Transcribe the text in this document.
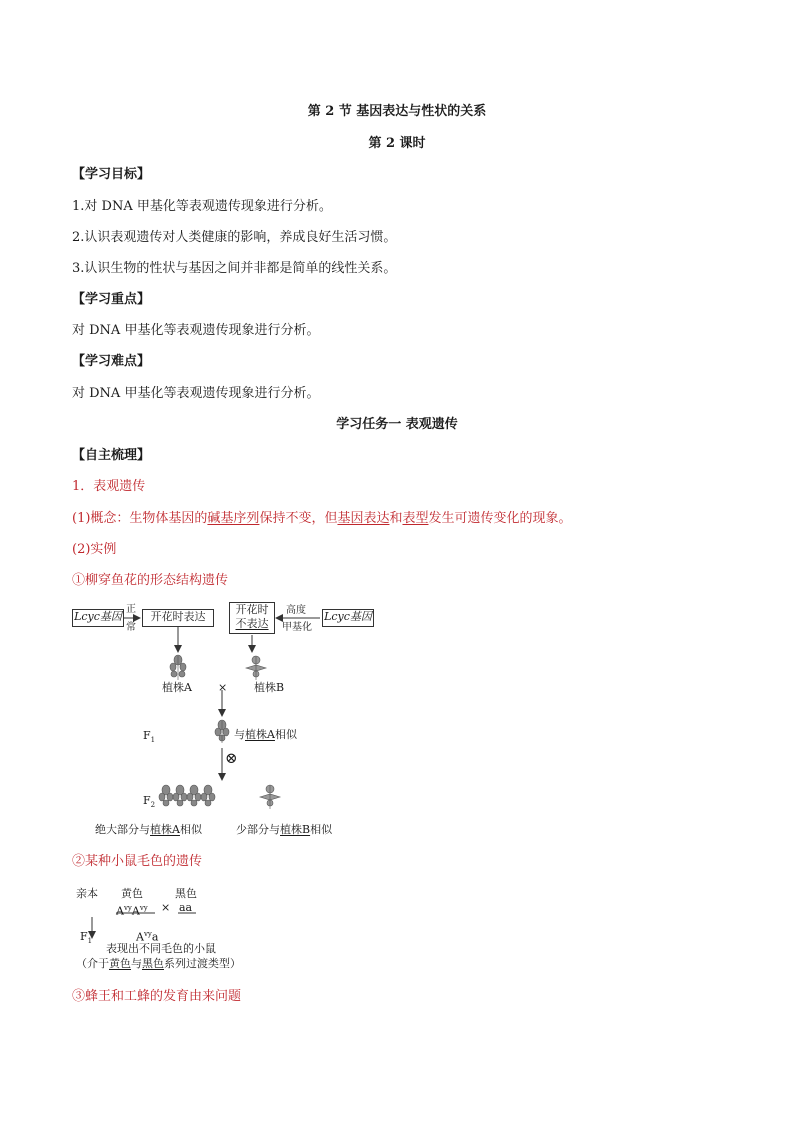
第 2 节 基因表达与性状的关系
第 2 课时
【学习目标】
1.对 DNA 甲基化等表观遗传现象进行分析。
2.认识表观遗传对人类健康的影响，养成良好生活习惯。
3.认识生物的性状与基因之间并非都是简单的线性关系。
【学习重点】
对 DNA 甲基化等表观遗传现象进行分析。
【学习难点】
对 DNA 甲基化等表观遗传现象进行分析。
学习任务一 表观遗传
【自主梳理】
1．表观遗传
(1)概念：生物体基因的碱基序列保持不变，但基因表达和表型发生可遗传变化的现象。
(2)实例
①柳穿鱼花的形态结构遗传
Lcyc基因
正
常
开花时表达
开花时
不表达
高度
甲基化
Lcyc基因
植株A × 植株B
$F_1$	与植株A相似
⊗
$F_2$
绝大部分与植株A相似	少部分与植株B相似
②某种小鼠毛色的遗传
亲本 黄色	黑色
$A^{vy}A^{vy}$ × aa
$F_1$	$A^{vy}a$
表现出不同毛色的小鼠
（介于黄色与黑色系列过渡类型）
③蜂王和工蜂的发育由来问题
